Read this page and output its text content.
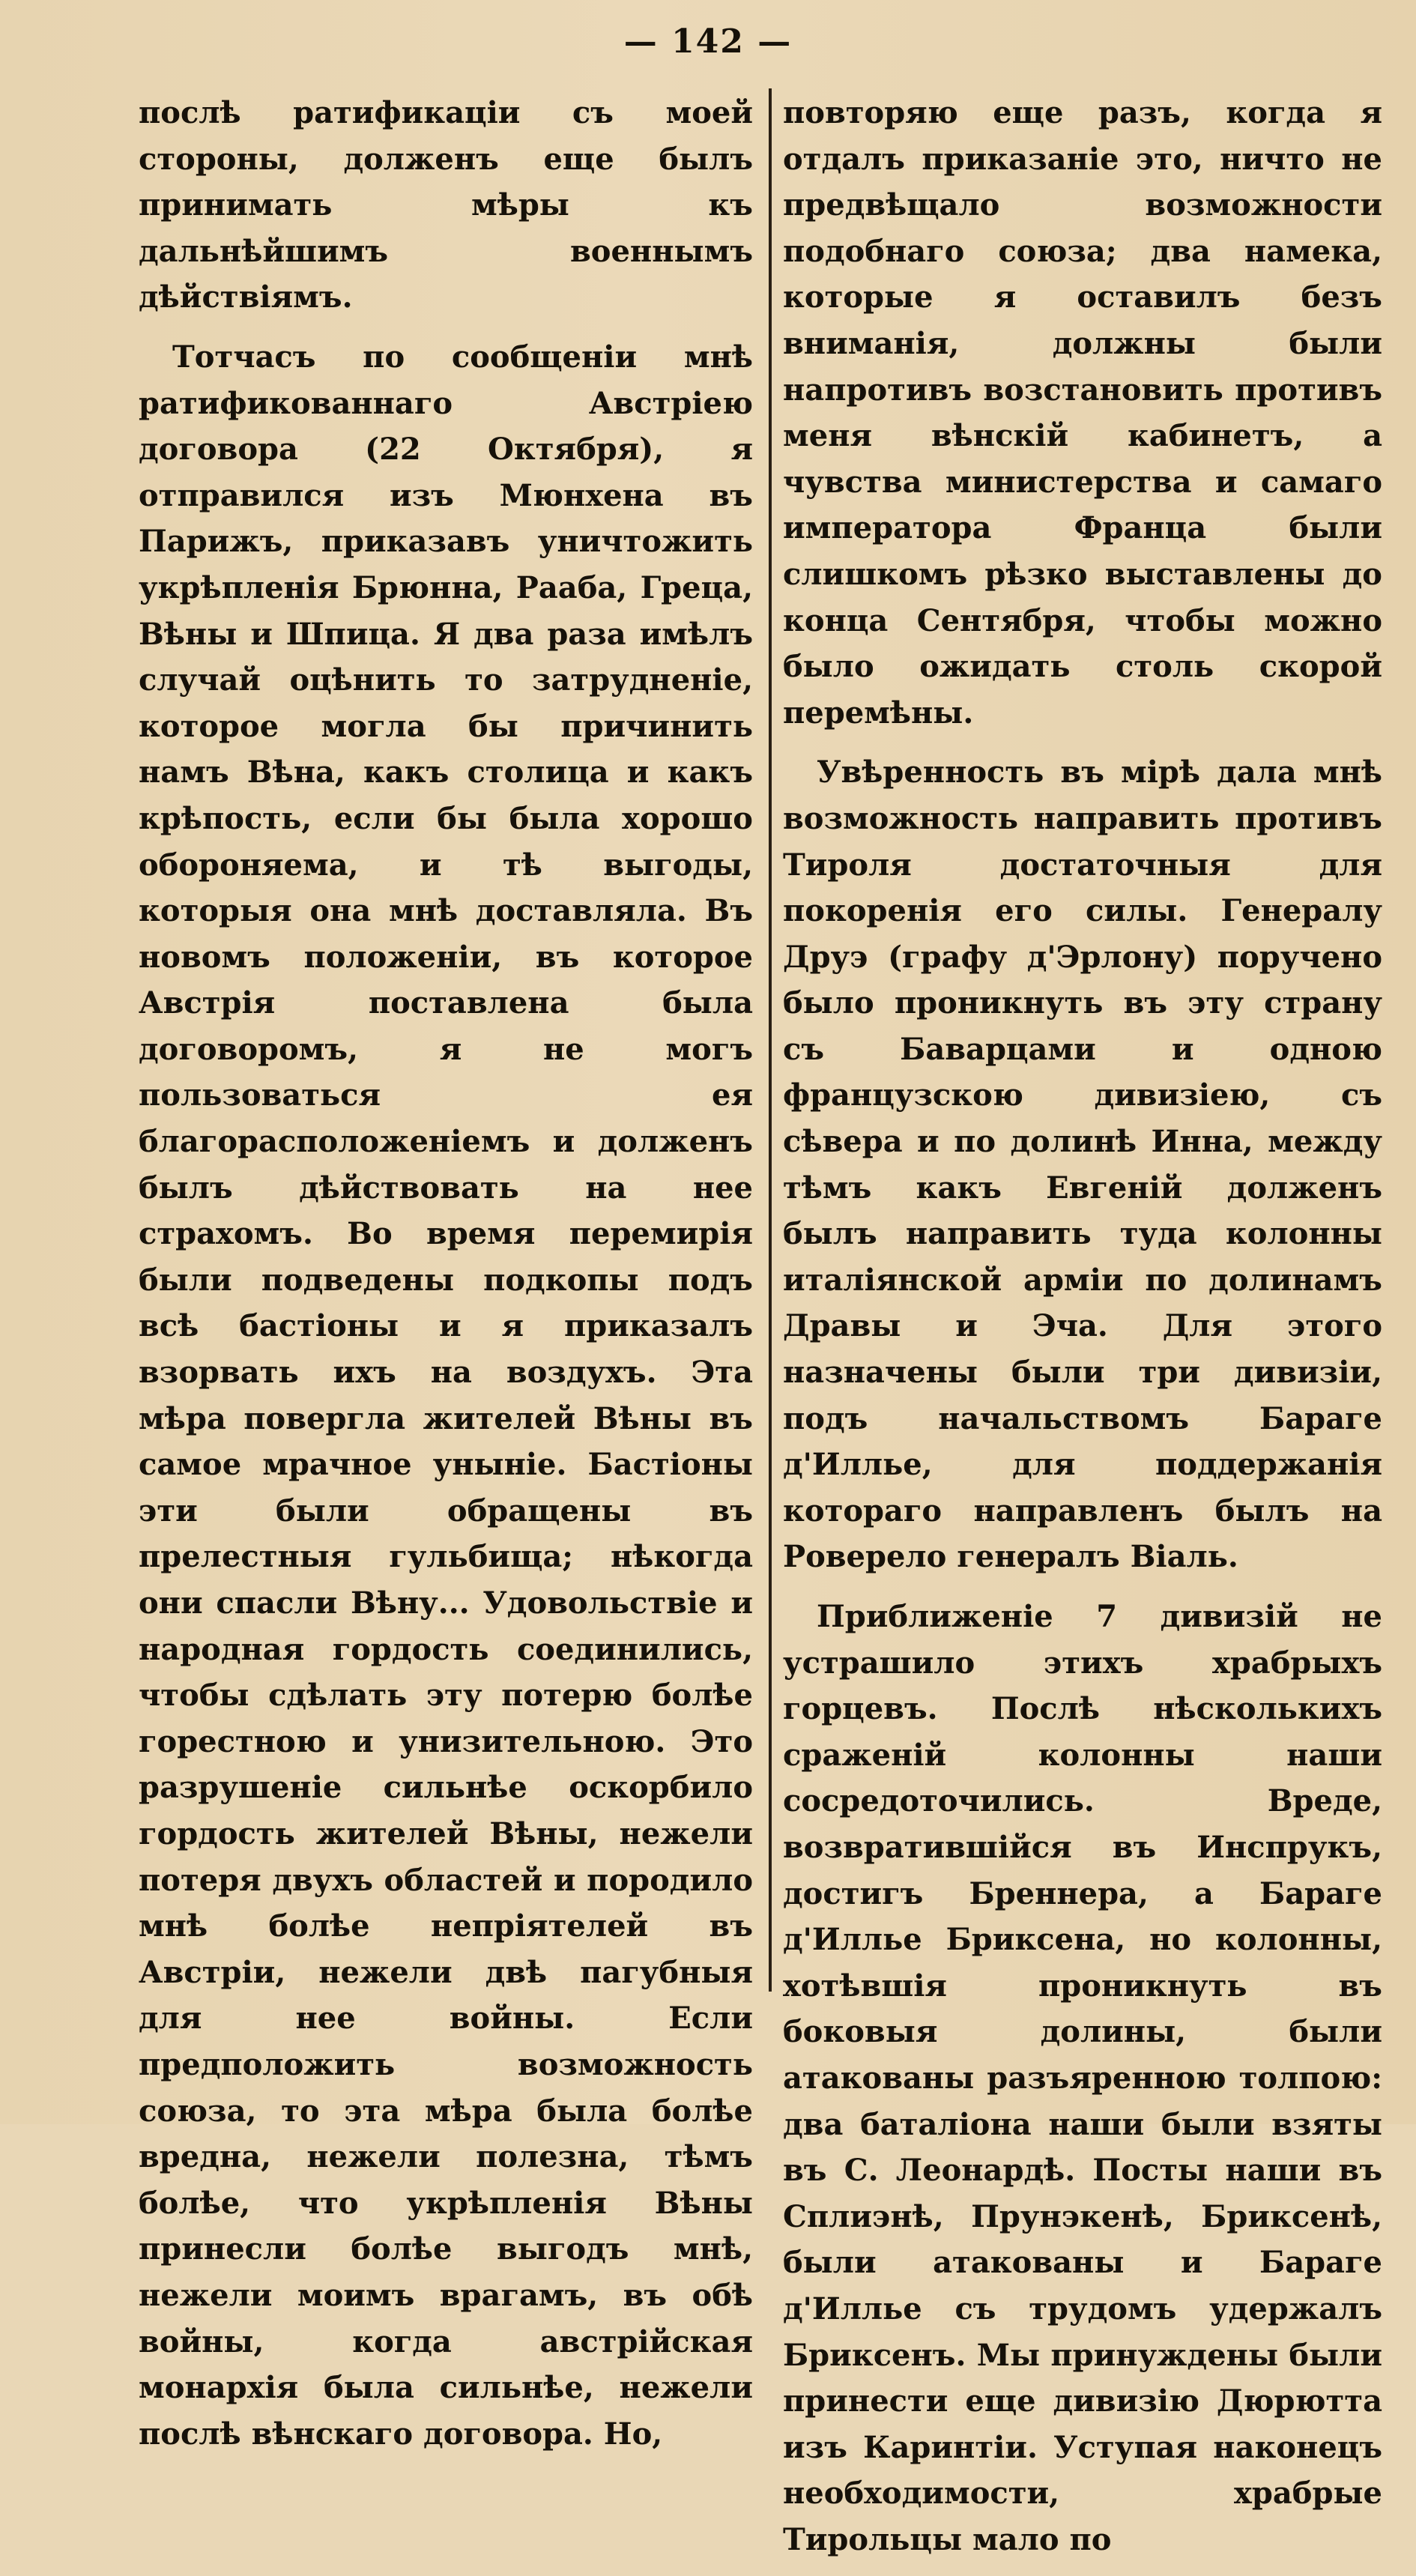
— 142 —

послѣ ратификаціи съ моей стороны, долженъ еще былъ принимать мѣры къ дальнѣйшимъ военнымъ дѣйствіямъ.

Тотчасъ по сообщеніи мнѣ ратификованнаго Австріею договора (22 Октября), я отправился изъ Мюнхена въ Парижъ, приказавъ уничтожить укрѣпленія Брюнна, Рааба, Греца, Вѣны и Шпица. Я два раза имѣлъ случай оцѣнить то затрудненіе, которое могла бы причинить намъ Вѣна, какъ столица и какъ крѣпость, если бы была хорошо обороняема, и тѣ выгоды, которыя она мнѣ доставляла. Въ новомъ положеніи, въ которое Австрія поставлена была договоромъ, я не могъ пользоваться ея благорасположеніемъ и долженъ былъ дѣйствовать на нее страхомъ. Во время перемирія были подведены подкопы подъ всѣ бастіоны и я приказалъ взорвать ихъ на воздухъ. Эта мѣра повергла жителей Вѣны въ самое мрачное уныніе. Бастіоны эти были обращены въ прелестныя гульбища; нѣкогда они спасли Вѣну... Удовольствіе и народная гордость соединились, чтобы сдѣлать эту потерю болѣе горестною и унизительною. Это разрушеніе сильнѣе оскорбило гордость жителей Вѣны, нежели потеря двухъ областей и породило мнѣ болѣе непріятелей въ Австріи, нежели двѣ пагубныя для нее войны. Если предположить возможность союза, то эта мѣра была болѣе вредна, нежели полезна, тѣмъ болѣе, что укрѣпленія Вѣны принесли болѣе выгодъ мнѣ, нежели моимъ врагамъ, въ обѣ войны, когда австрійская монархія была сильнѣе, нежели послѣ вѣнскаго договора. Но,

повторяю еще разъ, когда я отдалъ приказаніе это, ничто не предвѣщало возможности подобнаго союза; два намека, которые я оставилъ безъ вниманія, должны были напротивъ возстановить противъ меня вѣнскій кабинетъ, а чувства министерства и самаго императора Франца были слишкомъ рѣзко выставлены до конца Сентября, чтобы можно было ожидать столь скорой перемѣны.

Увѣренность въ мірѣ дала мнѣ возможность направить противъ Тироля достаточныя для покоренія его силы. Генералу Друэ (графу д'Эрлону) поручено было проникнуть въ эту страну съ Баварцами и одною французскою дивизіею, съ сѣвера и по долинѣ Инна, между тѣмъ какъ Евгеній долженъ былъ направить туда колонны италіянской арміи по долинамъ Дравы и Эча. Для этого назначены были три дивизіи, подъ начальствомъ Бараге д'Иллье, для поддержанія котораго направленъ былъ на Роверело генералъ Віаль.

Приближеніе 7 дивизій не устрашило этихъ храбрыхъ горцевъ. Послѣ нѣсколькихъ сраженій колонны наши сосредоточились. Вреде, возвратившійся въ Инспрукъ, достигъ Бреннера, а Бараге д'Иллье Бриксена, но колонны, хотѣвшія проникнуть въ боковыя долины, были атакованы разъяренною толпою: два баталіона наши были взяты въ С. Леонардѣ. Посты наши въ Сплиэнѣ, Прунэкенѣ, Бриксенѣ, были атакованы и Бараге д'Иллье съ трудомъ удержалъ Бриксенъ. Мы принуждены были принести еще дивизію Дюрютта изъ Каринтіи. Уступая наконецъ необходимости, храбрые Тирольцы мало по
